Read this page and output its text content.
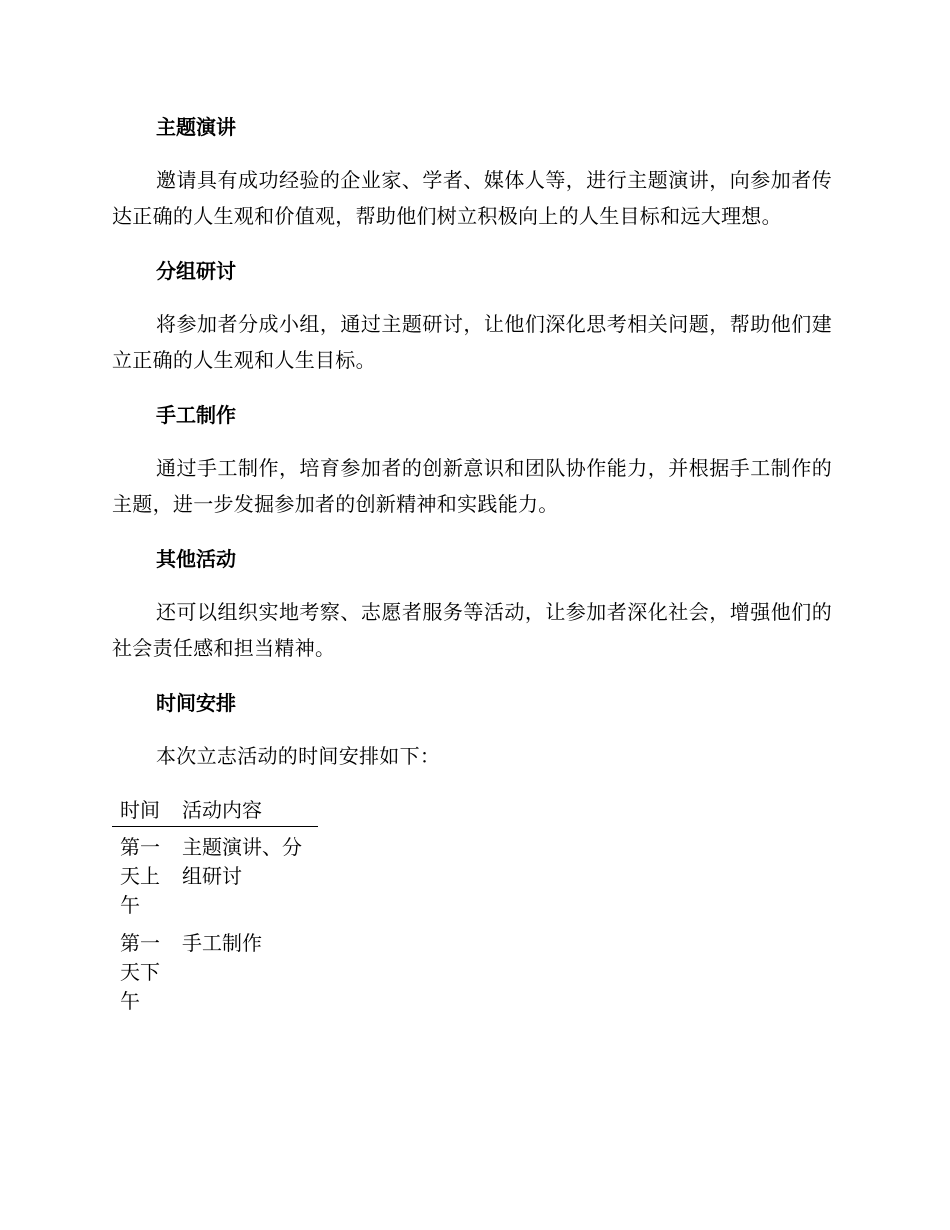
主题演讲

邀请具有成功经验的企业家、学者、媒体人等，进行主题演讲，向参加者传达正确的人生观和价值观，帮助他们树立积极向上的人生目标和远大理想。

分组研讨

将参加者分成小组，通过主题研讨，让他们深化思考相关问题，帮助他们建立正确的人生观和人生目标。

手工制作

通过手工制作，培育参加者的创新意识和团队协作能力，并根据手工制作的主题，进一步发掘参加者的创新精神和实践能力。

其他活动

还可以组织实地考察、志愿者服务等活动，让参加者深化社会，增强他们的社会责任感和担当精神。

时间安排

本次立志活动的时间安排如下：

时间	活动内容
第一天上午	主题演讲、分组研讨
第一天下午	手工制作
